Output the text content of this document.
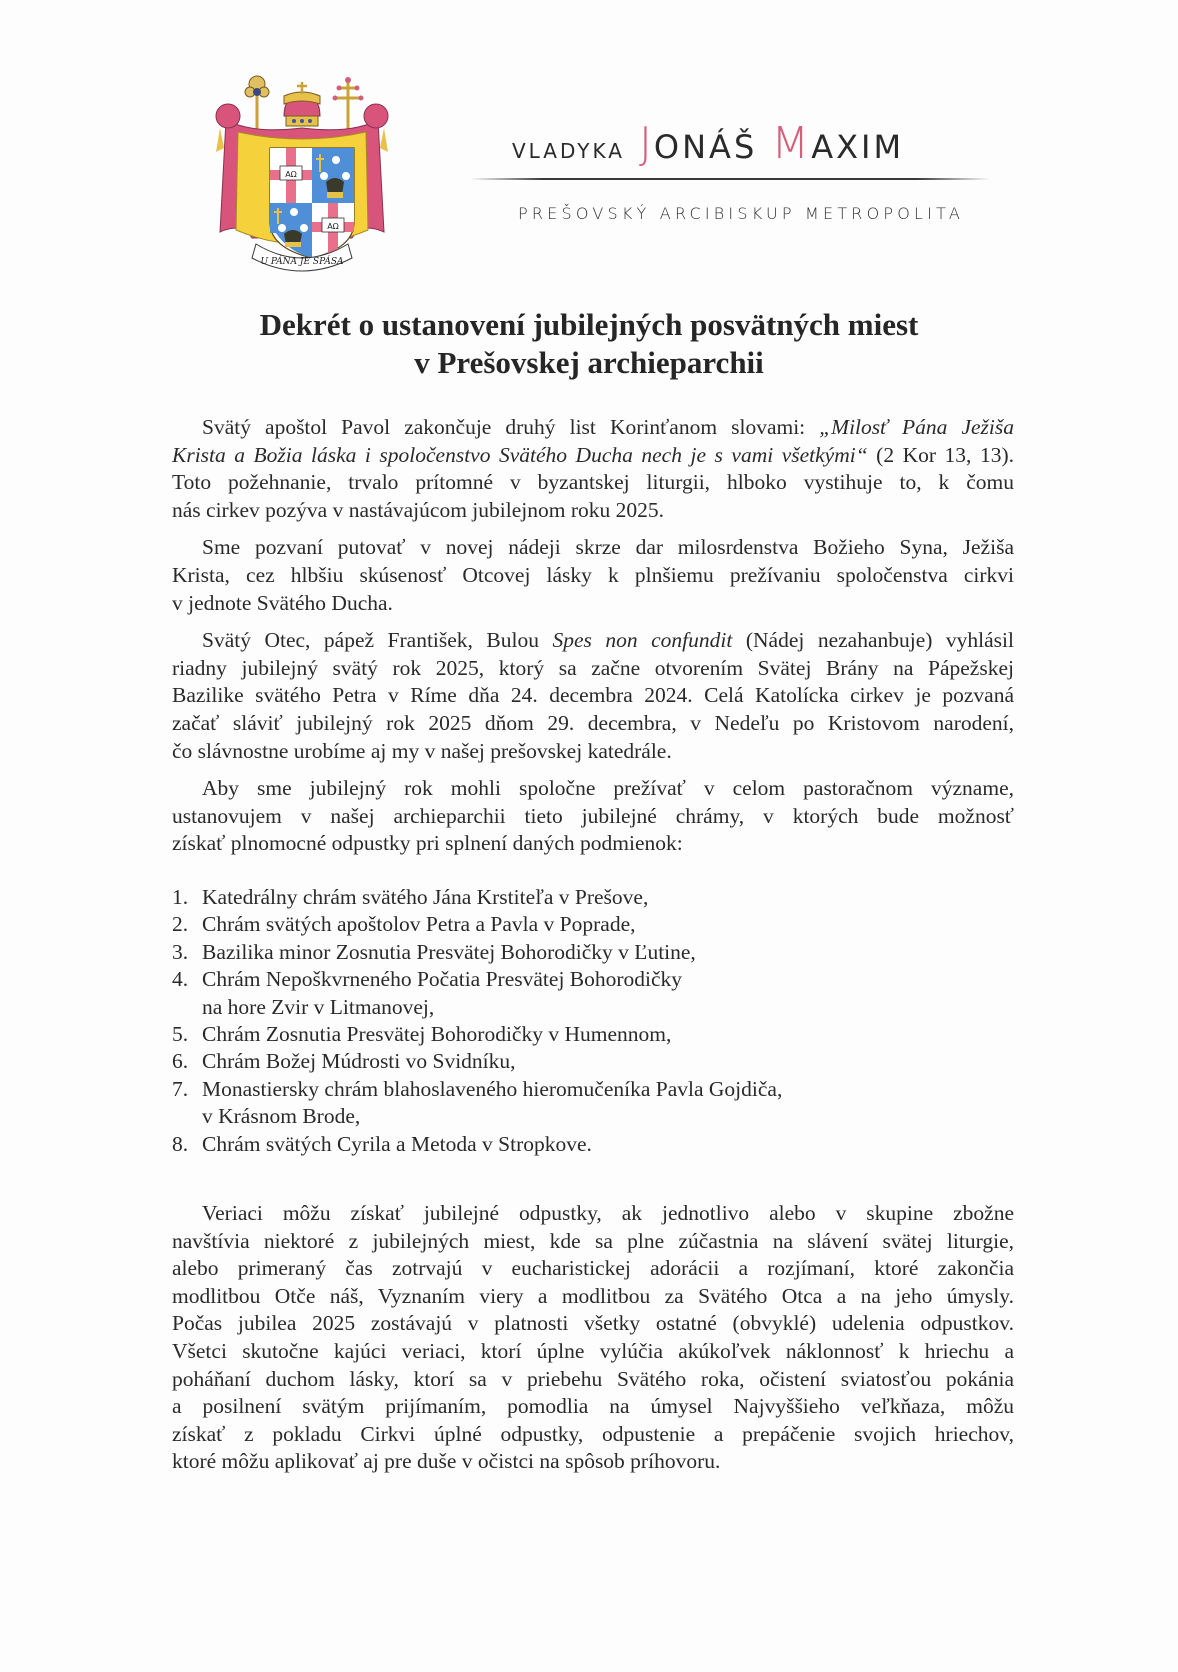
ΑΩ
ΑΩ
U PÁNA JE SPÁSA
VLADYKA JONÁŠ MAXIM
PREŠOVSKÝ ARCIBISKUP METROPOLITA
Dekrét o ustanovení jubilejných posvätných miest
v Prešovskej archieparchii
Svätý apoštol Pavol zakončuje druhý list Korinťanom slovami: „Milosť Pána Ježiša
Krista a Božia láska i spoločenstvo Svätého Ducha nech je s vami všetkými“ (2 Kor 13, 13).
Toto požehnanie, trvalo prítomné v byzantskej liturgii, hlboko vystihuje to, k čomu
nás cirkev pozýva v nastávajúcom jubilejnom roku 2025.
Sme pozvaní putovať v novej nádeji skrze dar milosrdenstva Božieho Syna, Ježiša
Krista, cez hlbšiu skúsenosť Otcovej lásky k plnšiemu prežívaniu spoločenstva cirkvi
v jednote Svätého Ducha.
Svätý Otec, pápež František, Bulou Spes non confundit (Nádej nezahanbuje) vyhlásil
riadny jubilejný svätý rok 2025, ktorý sa začne otvorením Svätej Brány na Pápežskej
Bazilike svätého Petra v Ríme dňa 24. decembra 2024. Celá Katolícka cirkev je pozvaná
začať sláviť jubilejný rok 2025 dňom 29. decembra, v Nedeľu po Kristovom narodení,
čo slávnostne urobíme aj my v našej prešovskej katedrále.
Aby sme jubilejný rok mohli spoločne prežívať v celom pastoračnom význame,
ustanovujem v našej archieparchii tieto jubilejné chrámy, v ktorých bude možnosť
získať plnomocné odpustky pri splnení daných podmienok:
1. Katedrálny chrám svätého Jána Krstiteľa v Prešove,
2. Chrám svätých apoštolov Petra a Pavla v Poprade,
3. Bazilika minor Zosnutia Presvätej Bohorodičky v Ľutine,
4. Chrám Nepoškvrneného Počatia Presvätej Bohorodičky
na hore Zvir v Litmanovej,
5. Chrám Zosnutia Presvätej Bohorodičky v Humennom,
6. Chrám Božej Múdrosti vo Svidníku,
7. Monastiersky chrám blahoslaveného hieromučeníka Pavla Gojdiča,
v Krásnom Brode,
8. Chrám svätých Cyrila a Metoda v Stropkove.
Veriaci môžu získať jubilejné odpustky, ak jednotlivo alebo v skupine zbožne
navštívia niektoré z jubilejných miest, kde sa plne zúčastnia na slávení svätej liturgie,
alebo primeraný čas zotrvajú v eucharistickej adorácii a rozjímaní, ktoré zakončia
modlitbou Otče náš, Vyznaním viery a modlitbou za Svätého Otca a na jeho úmysly.
Počas jubilea 2025 zostávajú v platnosti všetky ostatné (obvyklé) udelenia odpustkov.
Všetci skutočne kajúci veriaci, ktorí úplne vylúčia akúkoľvek náklonnosť k hriechu a
poháňaní duchom lásky, ktorí sa v priebehu Svätého roka, očistení sviatosťou pokánia
a posilnení svätým prijímaním, pomodlia na úmysel Najvyššieho veľkňaza, môžu
získať z pokladu Cirkvi úplné odpustky, odpustenie a prepáčenie svojich hriechov,
ktoré môžu aplikovať aj pre duše v očistci na spôsob príhovoru.
